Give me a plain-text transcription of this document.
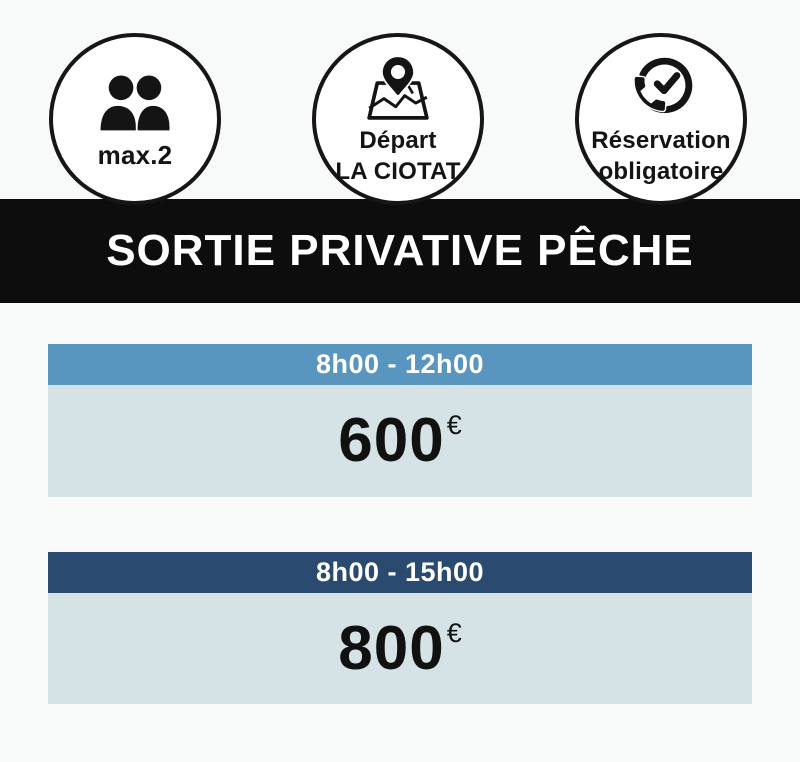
max.2	Départ
LA CIOTAT
Réservation
obligatoire
SORTIE PRIVATIVE PÊCHE
8h00 - 12h00
600 €
8h00 - 15h00
800 €
